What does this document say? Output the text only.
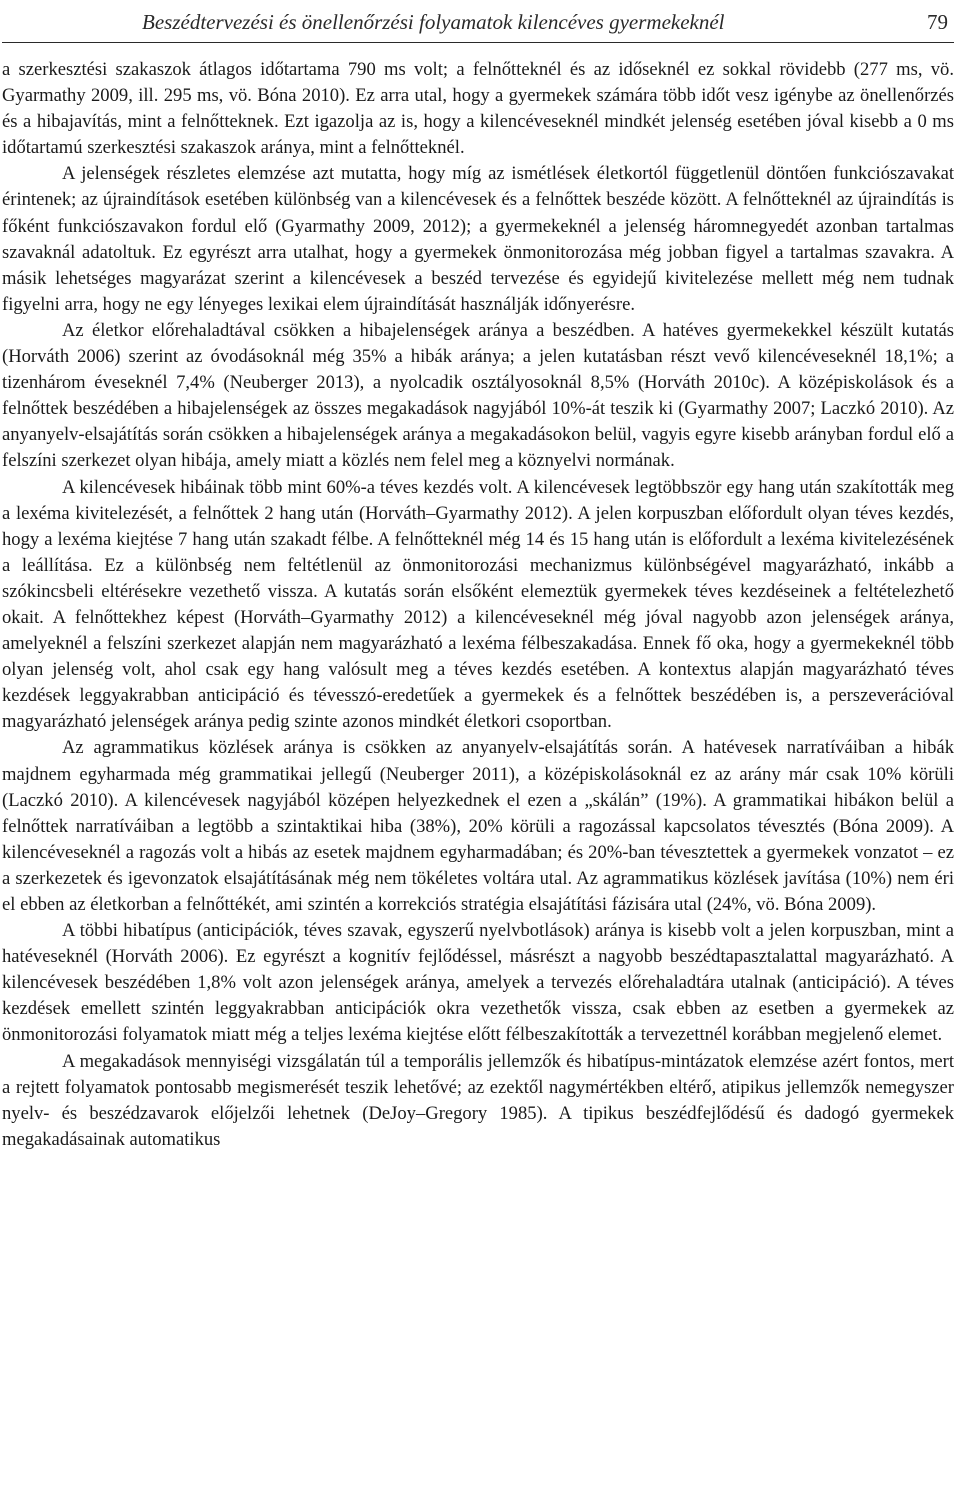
Beszédtervezési és önellenőrzési folyamatok kilencéves gyermekeknél	79

a szerkesztési szakaszok átlagos időtartama 790 ms volt; a felnőtteknél és az időseknél ez sokkal rövidebb (277 ms, vö. Gyarmathy 2009, ill. 295 ms, vö. Bóna 2010). Ez arra utal, hogy a gyermekek számára több időt vesz igénybe az önellenőrzés és a hibajavítás, mint a felnőtteknek. Ezt igazolja az is, hogy a kilencéveseknél mindkét jelenség esetében jóval kisebb a 0 ms időtartamú szerkesztési szakaszok aránya, mint a felnőtteknél.

A jelenségek részletes elemzése azt mutatta, hogy míg az ismétlések életkortól függetlenül döntően funkciószavakat érintenek; az újraindítások esetében különbség van a kilencévesek és a felnőttek beszéde között. A felnőtteknél az újraindítás is főként funkciószavakon fordul elő (Gyarmathy 2009, 2012); a gyermekeknél a jelenség háromnegyedét azonban tartalmas szavaknál adatoltuk. Ez egyrészt arra utalhat, hogy a gyermekek önmonitorozása még jobban figyel a tartalmas szavakra. A másik lehetséges magyarázat szerint a kilencévesek a beszéd tervezése és egyidejű kivitelezése mellett még nem tudnak figyelni arra, hogy ne egy lényeges lexikai elem újraindítását használják időnyerésre.

Az életkor előrehaladtával csökken a hibajelenségek aránya a beszédben. A hatéves gyermekekkel készült kutatás (Horváth 2006) szerint az óvodásoknál még 35% a hibák aránya; a jelen kutatásban részt vevő kilencéveseknél 18,1%; a tizenhárom éveseknél 7,4% (Neuberger 2013), a nyolcadik osztályosoknál 8,5% (Horváth 2010c). A középiskolások és a felnőttek beszédében a hibajelenségek az összes megakadások nagyjából 10%-át teszik ki (Gyarmathy 2007; Laczkó 2010). Az anyanyelv-elsajátítás során csökken a hibajelenségek aránya a megakadásokon belül, vagyis egyre kisebb arányban fordul elő a felszíni szerkezet olyan hibája, amely miatt a közlés nem felel meg a köznyelvi normának.

A kilencévesek hibáinak több mint 60%-a téves kezdés volt. A kilencévesek legtöbbször egy hang után szakították meg a lexéma kivitelezését, a felnőttek 2 hang után (Horváth–Gyarmathy 2012). A jelen korpuszban előfordult olyan téves kezdés, hogy a lexéma kiejtése 7 hang után szakadt félbe. A felnőtteknél még 14 és 15 hang után is előfordult a lexéma kivitelezésének a leállítása. Ez a különbség nem feltétlenül az önmonitorozási mechanizmus különbségével magyarázható, inkább a szókincsbeli eltérésekre vezethető vissza. A kutatás során elsőként elemeztük gyermekek téves kezdéseinek a feltételezhető okait. A felnőttekhez képest (Horváth–Gyarmathy 2012) a kilencéveseknél még jóval nagyobb azon jelenségek aránya, amelyeknél a felszíni szerkezet alapján nem magyarázható a lexéma félbeszakadása. Ennek fő oka, hogy a gyermekeknél több olyan jelenség volt, ahol csak egy hang valósult meg a téves kezdés esetében. A kontextus alapján magyarázható téves kezdések leggyakrabban anticipáció és tévesszó-eredetűek a gyermekek és a felnőttek beszédében is, a perszeverációval magyarázható jelenségek aránya pedig szinte azonos mindkét életkori csoportban.

Az agrammatikus közlések aránya is csökken az anyanyelv-elsajátítás során. A hatévesek narratíváiban a hibák majdnem egyharmada még grammatikai jellegű (Neuberger 2011), a középiskolásoknál ez az arány már csak 10% körüli (Laczkó 2010). A kilencévesek nagyjából középen helyezkednek el ezen a „skálán” (19%). A grammatikai hibákon belül a felnőttek narratíváiban a legtöbb a szintaktikai hiba (38%), 20% körüli a ragozással kapcsolatos tévesztés (Bóna 2009). A kilencéveseknél a ragozás volt a hibás az esetek majdnem egyharmadában; és 20%-ban tévesztettek a gyermekek vonzatot – ez a szerkezetek és igevonzatok elsajátításának még nem tökéletes voltára utal. Az agrammatikus közlések javítása (10%) nem éri el ebben az életkorban a felnőttékét, ami szintén a korrekciós stratégia elsajátítási fázisára utal (24%, vö. Bóna 2009).

A többi hibatípus (anticipációk, téves szavak, egyszerű nyelvbotlások) aránya is kisebb volt a jelen korpuszban, mint a hatéveseknél (Horváth 2006). Ez egyrészt a kognitív fejlődéssel, másrészt a nagyobb beszédtapasztalattal magyarázható. A kilencévesek beszédében 1,8% volt azon jelenségek aránya, amelyek a tervezés előrehaladtára utalnak (anticipáció). A téves kezdések emellett szintén leggyakrabban anticipációk okra vezethetők vissza, csak ebben az esetben a gyermekek az önmonitorozási folyamatok miatt még a teljes lexéma kiejtése előtt félbeszakították a tervezettnél korábban megjelenő elemet.

A megakadások mennyiségi vizsgálatán túl a temporális jellemzők és hibatípus-mintázatok elemzése azért fontos, mert a rejtett folyamatok pontosabb megismerését teszik lehetővé; az ezektől nagymértékben eltérő, atipikus jellemzők nemegyszer nyelv- és beszédzavarok előjelzői lehetnek (DeJoy–Gregory 1985). A tipikus beszédfejlődésű és dadogó gyermekek megakadásainak automatikus
